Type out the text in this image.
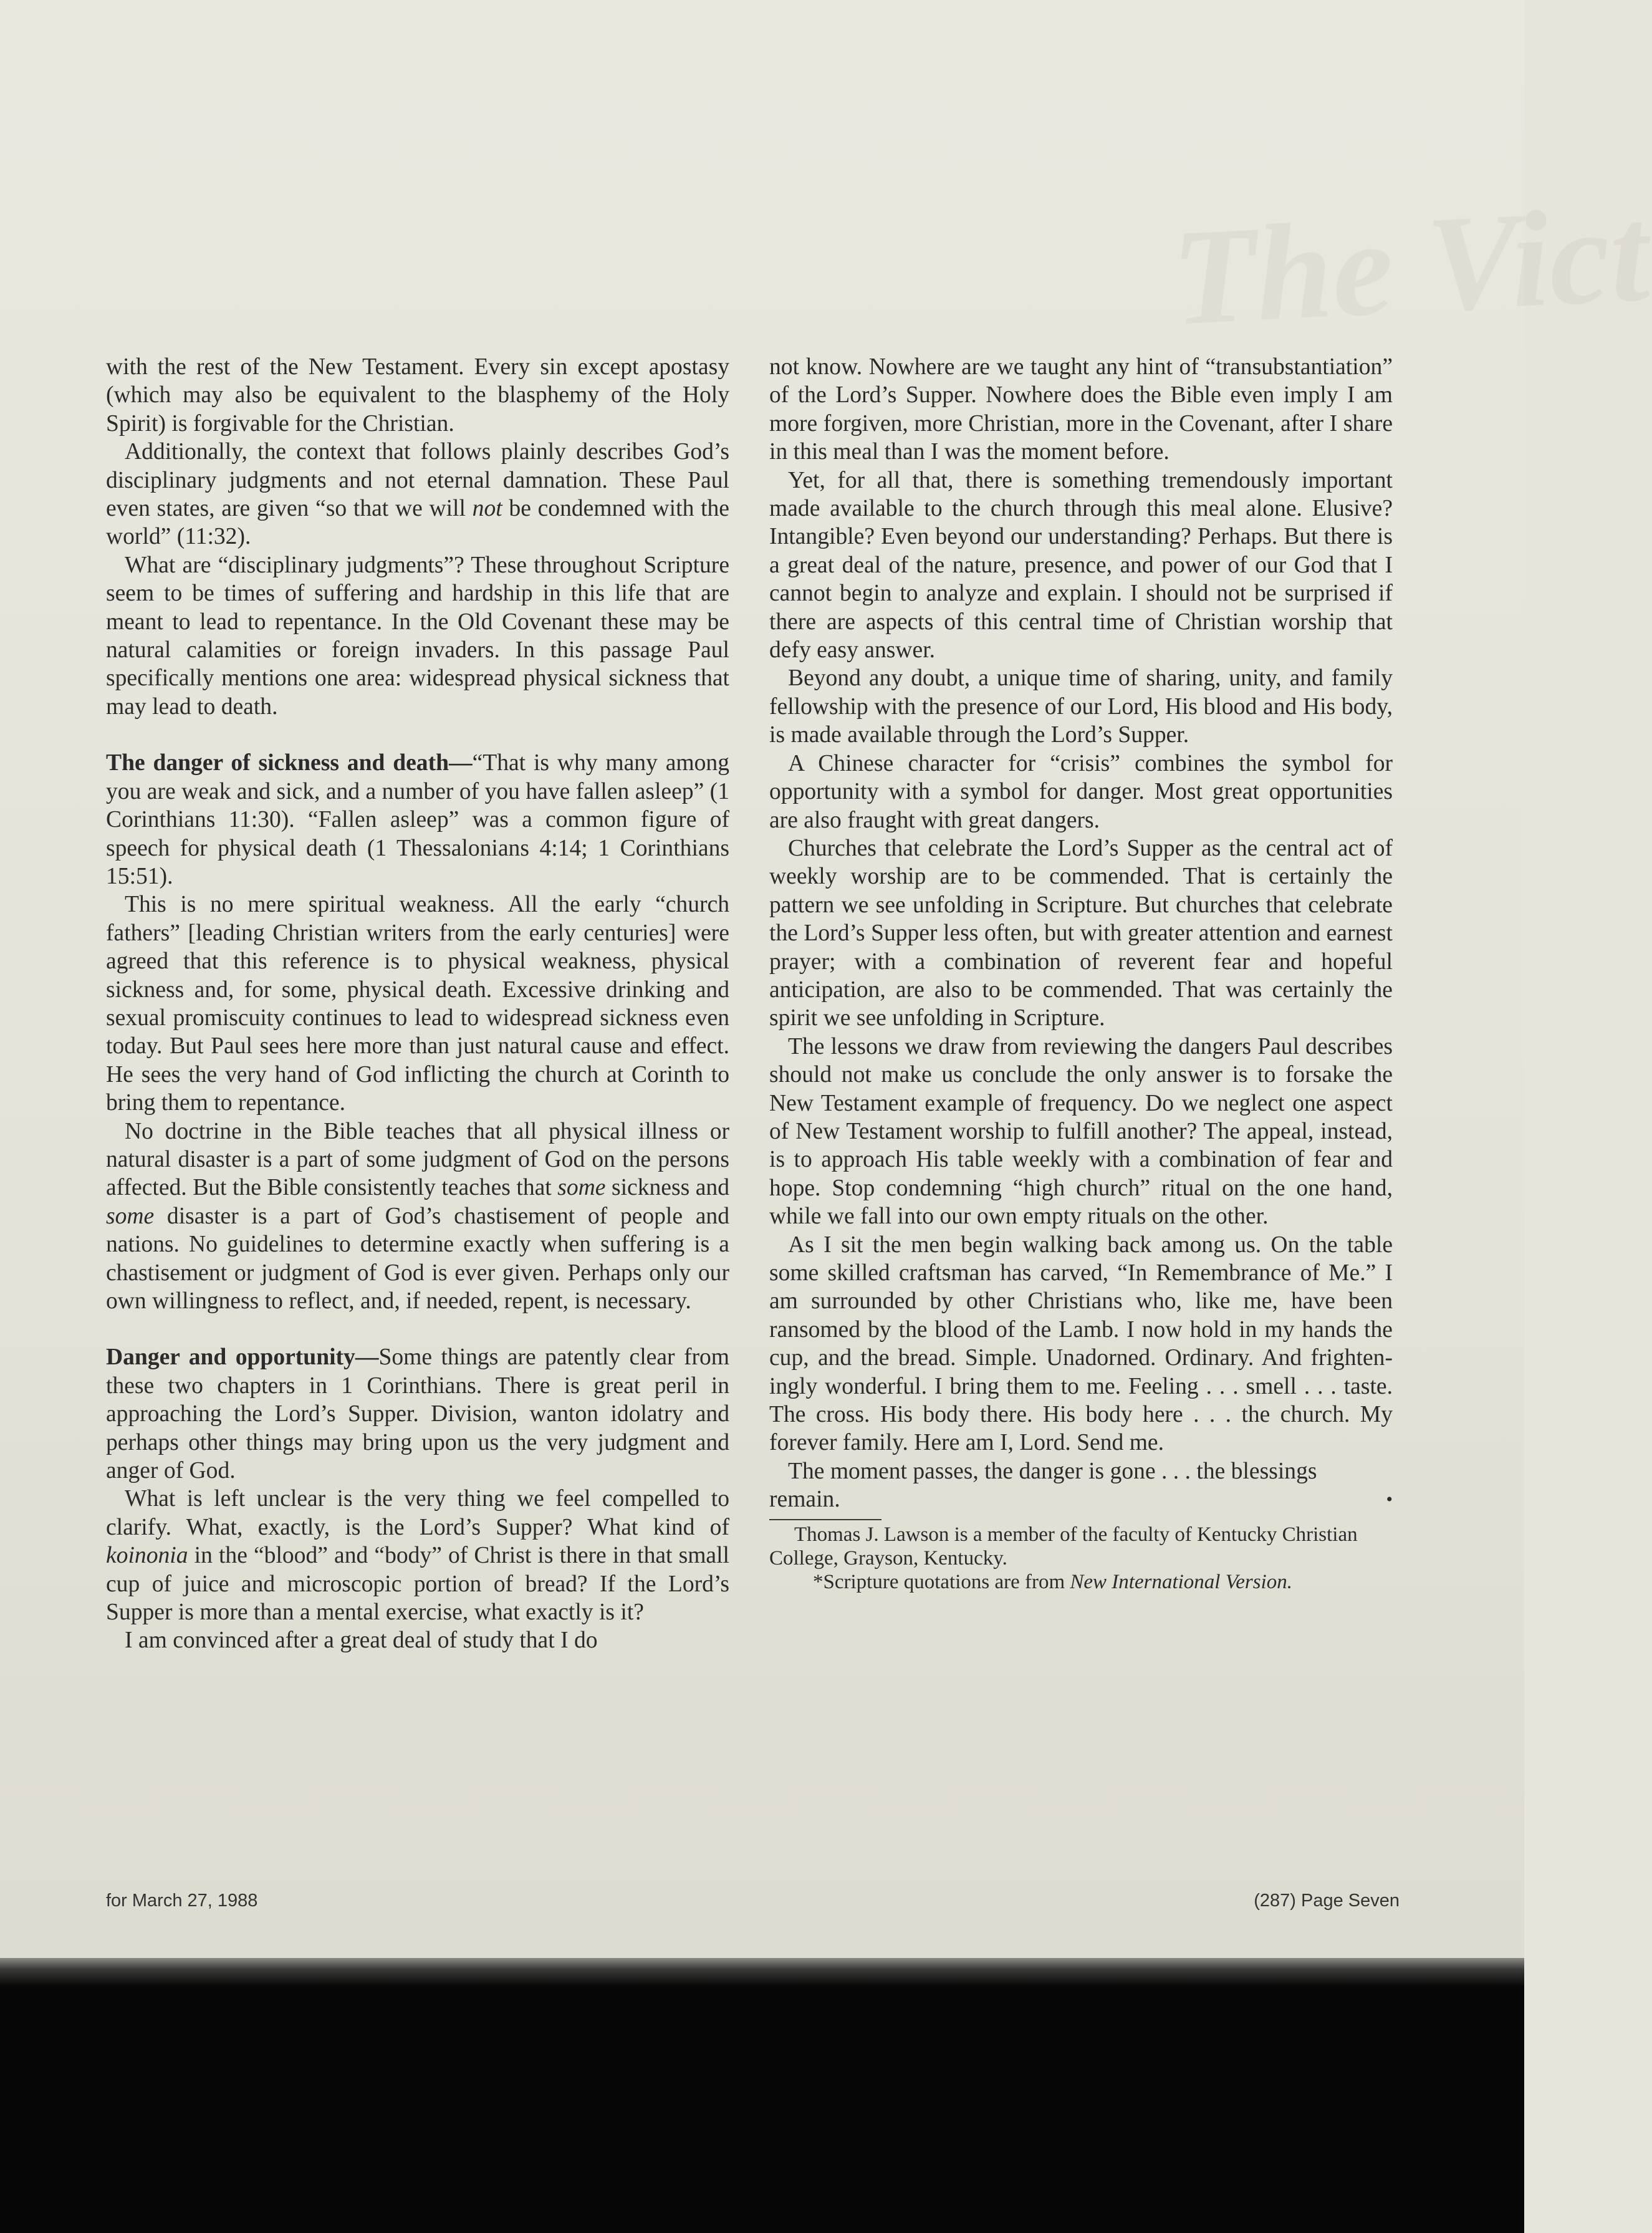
The Vict

with the rest of the New Testament. Every sin except apostasy (which may also be equivalent to the blasphemy of the Holy Spirit) is forgivable for the Christian.

Additionally, the context that follows plainly describes God’s disciplinary judgments and not eternal damnation. These Paul even states, are given “so that we will not be condemned with the world” (11:32).

What are “disciplinary judgments”? These throughout Scripture seem to be times of suffering and hardship in this life that are meant to lead to repentance. In the Old Covenant these may be natural calamities or foreign invaders. In this passage Paul specifically mentions one area: widespread physical sickness that may lead to death.

The danger of sickness and death—“That is why many among you are weak and sick, and a number of you have fallen asleep” (1 Corinthians 11:30). “Fallen asleep” was a common figure of speech for physical death (1 Thessalonians 4:14; 1 Corinthians 15:51).

This is no mere spiritual weakness. All the early “church fathers” [leading Christian writers from the early centuries] were agreed that this reference is to physical weakness, physical sickness and, for some, physical death. Excessive drinking and sexual promiscuity continues to lead to widespread sickness even today. But Paul sees here more than just natural cause and effect. He sees the very hand of God inflicting the church at Corinth to bring them to repentance.

No doctrine in the Bible teaches that all physical illness or natural disaster is a part of some judgment of God on the persons affected. But the Bible consistently teaches that some sickness and some disaster is a part of God’s chastisement of people and nations. No guidelines to determine exactly when suffering is a chastisement or judgment of God is ever given. Perhaps only our own willingness to reflect, and, if needed, repent, is necessary.

Danger and opportunity—Some things are patently clear from these two chapters in 1 Corinthians. There is great peril in approaching the Lord’s Supper. Division, wanton idolatry and perhaps other things may bring upon us the very judgment and anger of God.

What is left unclear is the very thing we feel compelled to clarify. What, exactly, is the Lord’s Supper? What kind of koinonia in the “blood” and “body” of Christ is there in that small cup of juice and microscopic portion of bread? If the Lord’s Supper is more than a mental exercise, what exactly is it?

I am convinced after a great deal of study that I do

not know. Nowhere are we taught any hint of “transubstantiation” of the Lord’s Supper. Nowhere does the Bible even imply I am more forgiven, more Christian, more in the Covenant, after I share in this meal than I was the moment before.

Yet, for all that, there is something tremendously important made available to the church through this meal alone. Elusive? Intangible? Even beyond our understanding? Perhaps. But there is a great deal of the nature, presence, and power of our God that I cannot begin to analyze and explain. I should not be surprised if there are aspects of this central time of Christian worship that defy easy answer.

Beyond any doubt, a unique time of sharing, unity, and family fellowship with the presence of our Lord, His blood and His body, is made available through the Lord’s Supper.

A Chinese character for “crisis” combines the symbol for opportunity with a symbol for danger. Most great opportunities are also fraught with great dangers.

Churches that celebrate the Lord’s Supper as the central act of weekly worship are to be commended. That is certainly the pattern we see unfolding in Scripture. But churches that celebrate the Lord’s Supper less often, but with greater attention and earnest prayer; with a combination of reverent fear and hopeful anticipation, are also to be commended. That was certainly the spirit we see unfolding in Scripture.

The lessons we draw from reviewing the dangers Paul describes should not make us conclude the only answer is to forsake the New Testament example of frequency. Do we neglect one aspect of New Testament worship to fulfill another? The appeal, instead, is to approach His table weekly with a combination of fear and hope. Stop condemning “high church” ritual on the one hand, while we fall into our own empty rituals on the other.

As I sit the men begin walking back among us. On the table some skilled craftsman has carved, “In Remembrance of Me.” I am surrounded by other Christians who, like me, have been ransomed by the blood of the Lamb. I now hold in my hands the cup, and the bread. Simple. Unadorned. Ordinary. And frighteningly wonderful. I bring them to me. Feeling . . . smell . . . taste. The cross. His body there. His body here . . . the church. My forever family. Here am I, Lord. Send me.

The moment passes, the danger is gone . . . the blessings remain.	•

Thomas J. Lawson is a member of the faculty of Kentucky Christian College, Grayson, Kentucky.

*Scripture quotations are from New International Version.

for March 27, 1988	(287) Page Seven
